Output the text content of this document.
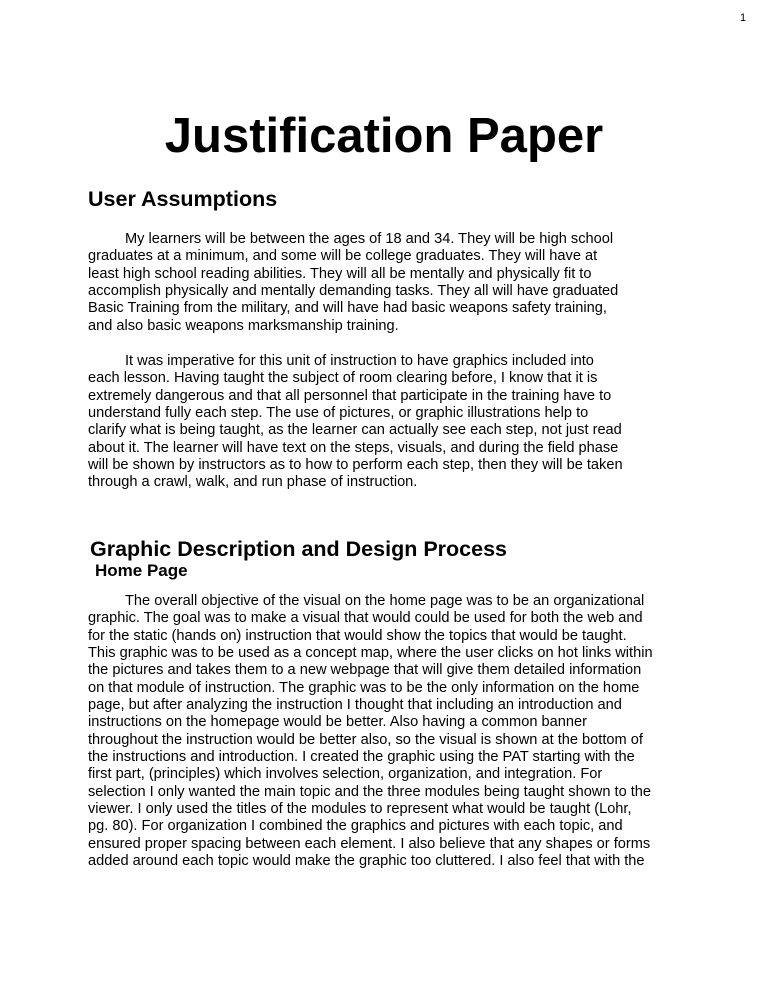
1
Justification Paper
User Assumptions
My learners will be between the ages of 18 and 34. They will be high school
graduates at a minimum, and some will be college graduates. They will have at
least high school reading abilities. They will all be mentally and physically fit to
accomplish physically and mentally demanding tasks. They all will have graduated
Basic Training from the military, and will have had basic weapons safety training,
and also basic weapons marksmanship training.
It was imperative for this unit of instruction to have graphics included into
each lesson. Having taught the subject of room clearing before, I know that it is
extremely dangerous and that all personnel that participate in the training have to
understand fully each step. The use of pictures, or graphic illustrations help to
clarify what is being taught, as the learner can actually see each step, not just read
about it. The learner will have text on the steps, visuals, and during the field phase
will be shown by instructors as to how to perform each step, then they will be taken
through a crawl, walk, and run phase of instruction.
Graphic Description and Design Process
Home Page
The overall objective of the visual on the home page was to be an organizational
graphic. The goal was to make a visual that would could be used for both the web and
for the static (hands on) instruction that would show the topics that would be taught.
This graphic was to be used as a concept map, where the user clicks on hot links within
the pictures and takes them to a new webpage that will give them detailed information
on that module of instruction. The graphic was to be the only information on the home
page, but after analyzing the instruction I thought that including an introduction and
instructions on the homepage would be better. Also having a common banner
throughout the instruction would be better also, so the visual is shown at the bottom of
the instructions and introduction. I created the graphic using the PAT starting with the
first part, (principles) which involves selection, organization, and integration. For
selection I only wanted the main topic and the three modules being taught shown to the
viewer. I only used the titles of the modules to represent what would be taught (Lohr,
pg. 80). For organization I combined the graphics and pictures with each topic, and
ensured proper spacing between each element. I also believe that any shapes or forms
added around each topic would make the graphic too cluttered. I also feel that with the
